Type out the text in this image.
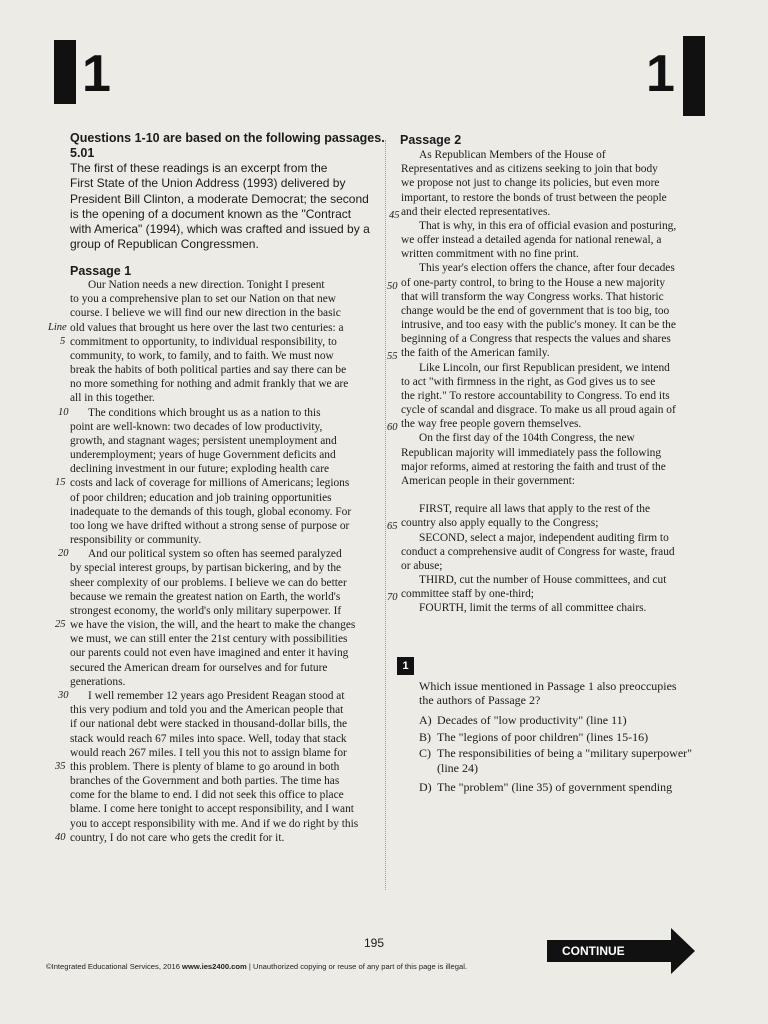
1	1
Questions 1-10 are based on the following passages.
5.01
The first of these readings is an excerpt from the
First State of the Union Address (1993) delivered by
President Bill Clinton, a moderate Democrat; the second
is the opening of a document known as the "Contract
with America" (1994), which was crafted and issued by a
group of Republican Congressmen.
Passage 1
Our Nation needs a new direction. Tonight I present
to you a comprehensive plan to set our Nation on that new
course. I believe we will find our new direction in the basic
old values that brought us here over the last two centuries: a
commitment to opportunity, to individual responsibility, to
community, to work, to family, and to faith. We must now
break the habits of both political parties and say there can be
no more something for nothing and admit frankly that we are
all in this together.
The conditions which brought us as a nation to this
point are well-known: two decades of low productivity,
growth, and stagnant wages; persistent unemployment and
underemployment; years of huge Government deficits and
declining investment in our future; exploding health care
costs and lack of coverage for millions of Americans; legions
of poor children; education and job training opportunities
inadequate to the demands of this tough, global economy. For
too long we have drifted without a strong sense of purpose or
responsibility or community.
And our political system so often has seemed paralyzed
by special interest groups, by partisan bickering, and by the
sheer complexity of our problems. I believe we can do better
because we remain the greatest nation on Earth, the world's
strongest economy, the world's only military superpower. If
we have the vision, the will, and the heart to make the changes
we must, we can still enter the 21st century with possibilities
our parents could not even have imagined and enter it having
secured the American dream for ourselves and for future
generations.
I well remember 12 years ago President Reagan stood at
this very podium and told you and the American people that
if our national debt were stacked in thousand-dollar bills, the
stack would reach 67 miles into space. Well, today that stack
would reach 267 miles. I tell you this not to assign blame for
this problem. There is plenty of blame to go around in both
branches of the Government and both parties. The time has
come for the blame to end. I did not seek this office to place
blame. I come here tonight to accept responsibility, and I want
you to accept responsibility with me. And if we do right by this
country, I do not care who gets the credit for it.
Line
5
10
15
20
25
30
35
40
Passage 2
As Republican Members of the House of
Representatives and as citizens seeking to join that body
we propose not just to change its policies, but even more
important, to restore the bonds of trust between the people
and their elected representatives.
That is why, in this era of official evasion and posturing,
we offer instead a detailed agenda for national renewal, a
written commitment with no fine print.
This year's election offers the chance, after four decades
of one-party control, to bring to the House a new majority
that will transform the way Congress works. That historic
change would be the end of government that is too big, too
intrusive, and too easy with the public's money. It can be the
beginning of a Congress that respects the values and shares
the faith of the American family.
Like Lincoln, our first Republican president, we intend
to act "with firmness in the right, as God gives us to see
the right." To restore accountability to Congress. To end its
cycle of scandal and disgrace. To make us all proud again of
the way free people govern themselves.
On the first day of the 104th Congress, the new
Republican majority will immediately pass the following
major reforms, aimed at restoring the faith and trust of the
American people in their government:
FIRST, require all laws that apply to the rest of the
country also apply equally to the Congress;
SECOND, select a major, independent auditing firm to
conduct a comprehensive audit of Congress for waste, fraud
or abuse;
THIRD, cut the number of House committees, and cut
committee staff by one-third;
FOURTH, limit the terms of all committee chairs.
45
50
55
60
65
70
1
Which issue mentioned in Passage 1 also preoccupies
the authors of Passage 2?
A) Decades of "low productivity" (line 11)
B) The "legions of poor children" (lines 15-16)
C) The responsibilities of being a "military superpower"
(line 24)
D) The "problem" (line 35) of government spending
195
CONTINUE
©Integrated Educational Services, 2016 www.ies2400.com | Unauthorized copying or reuse of any part of this page is illegal.
